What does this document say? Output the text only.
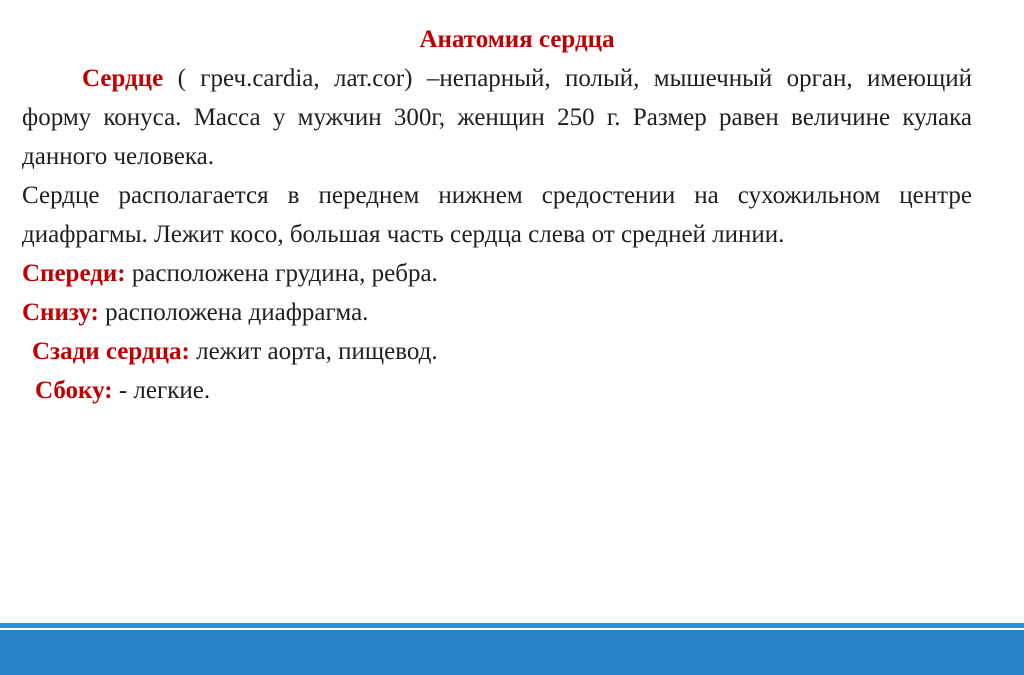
Анатомия сердца

Сердце ( греч.cardia, лат.cor) –непарный, полый, мышечный орган, имеющий форму конуса. Масса у мужчин 300г, женщин 250 г. Размер равен величине кулака данного человека.

Сердце располагается в переднем нижнем средостении на сухожильном центре диафрагмы. Лежит косо, большая часть сердца слева от средней линии.

Спереди: расположена грудина, ребра.

Снизу: расположена диафрагма.

Сзади сердца: лежит аорта, пищевод.

Сбоку: - легкие.
